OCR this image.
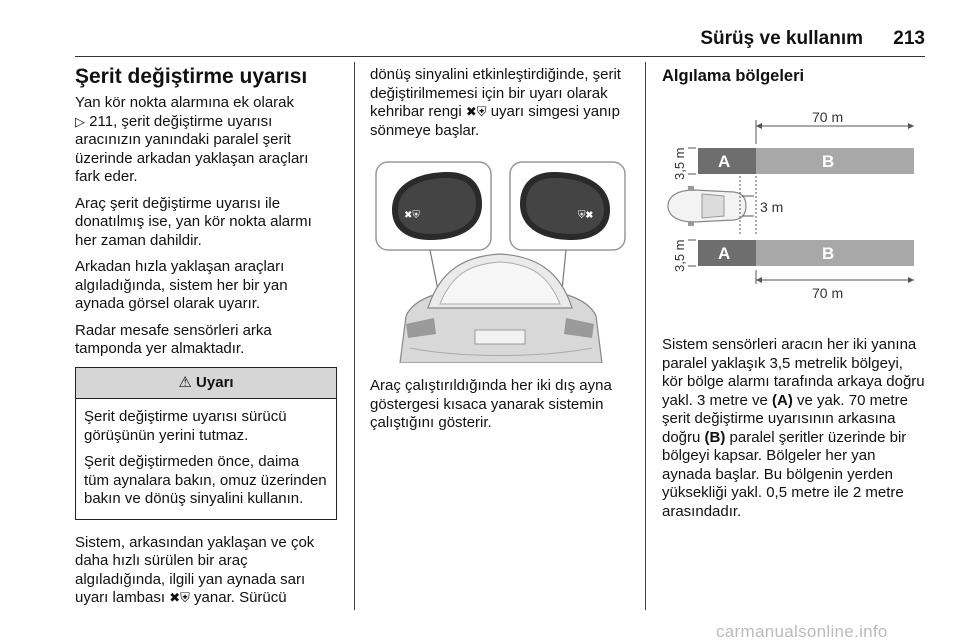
Sürüş ve kullanım 213
Şerit değiştirme uyarısı

Yan kör nokta alarmına ek olarak
▷ 211, şerit değiştirme uyarısı aracınızın yanındaki paralel şerit üzerinde arkadan yaklaşan araçları fark eder.

Araç şerit değiştirme uyarısı ile donatılmış ise, yan kör nokta alarmı her zaman dahildir.

Arkadan hızla yaklaşan araçları algıladığında, sistem her bir yan aynada görsel olarak uyarır.

Radar mesafe sensörleri arka tamponda yer almaktadır.

⚠ Uyarı

Şerit değiştirme uyarısı sürücü görüşünün yerini tutmaz.

Şerit değiştirmeden önce, daima tüm aynalara bakın, omuz üzerinden bakın ve dönüş sinyalini kullanın.

Sistem, arkasından yaklaşan ve çok daha hızlı sürülen bir araç algıladığında, ilgili yan aynada sarı uyarı lambası ✖⛨ yanar. Sürücü

dönüş sinyalini etkinleştirdiğinde, şerit değiştirilmemesi için bir uyarı olarak kehribar rengi ✖⛨ uyarı simgesi yanıp sönmeye başlar.

✖⛨	⛨✖

Araç çalıştırıldığında her iki dış ayna göstergesi kısaca yanarak sistemin çalıştığını gösterir.

Algılama bölgeleri
70 m
3,5 m A	B
3 m
A	B
3,5 m
70 m

Sistem sensörleri aracın her iki yanına paralel yaklaşık 3,5 metrelik bölgeyi, kör bölge alarmı tarafında arkaya doğru yakl. 3 metre ve (A) ve yak. 70 metre şerit değiştirme uyarısının arkasına doğru (B) paralel şeritler üzerinde bir bölgeyi kapsar. Bölgeler her yan aynada başlar. Bu bölgenin yerden yüksekliği yakl. 0,5 metre ile 2 metre arasındadır.

carmanualsonline.info
